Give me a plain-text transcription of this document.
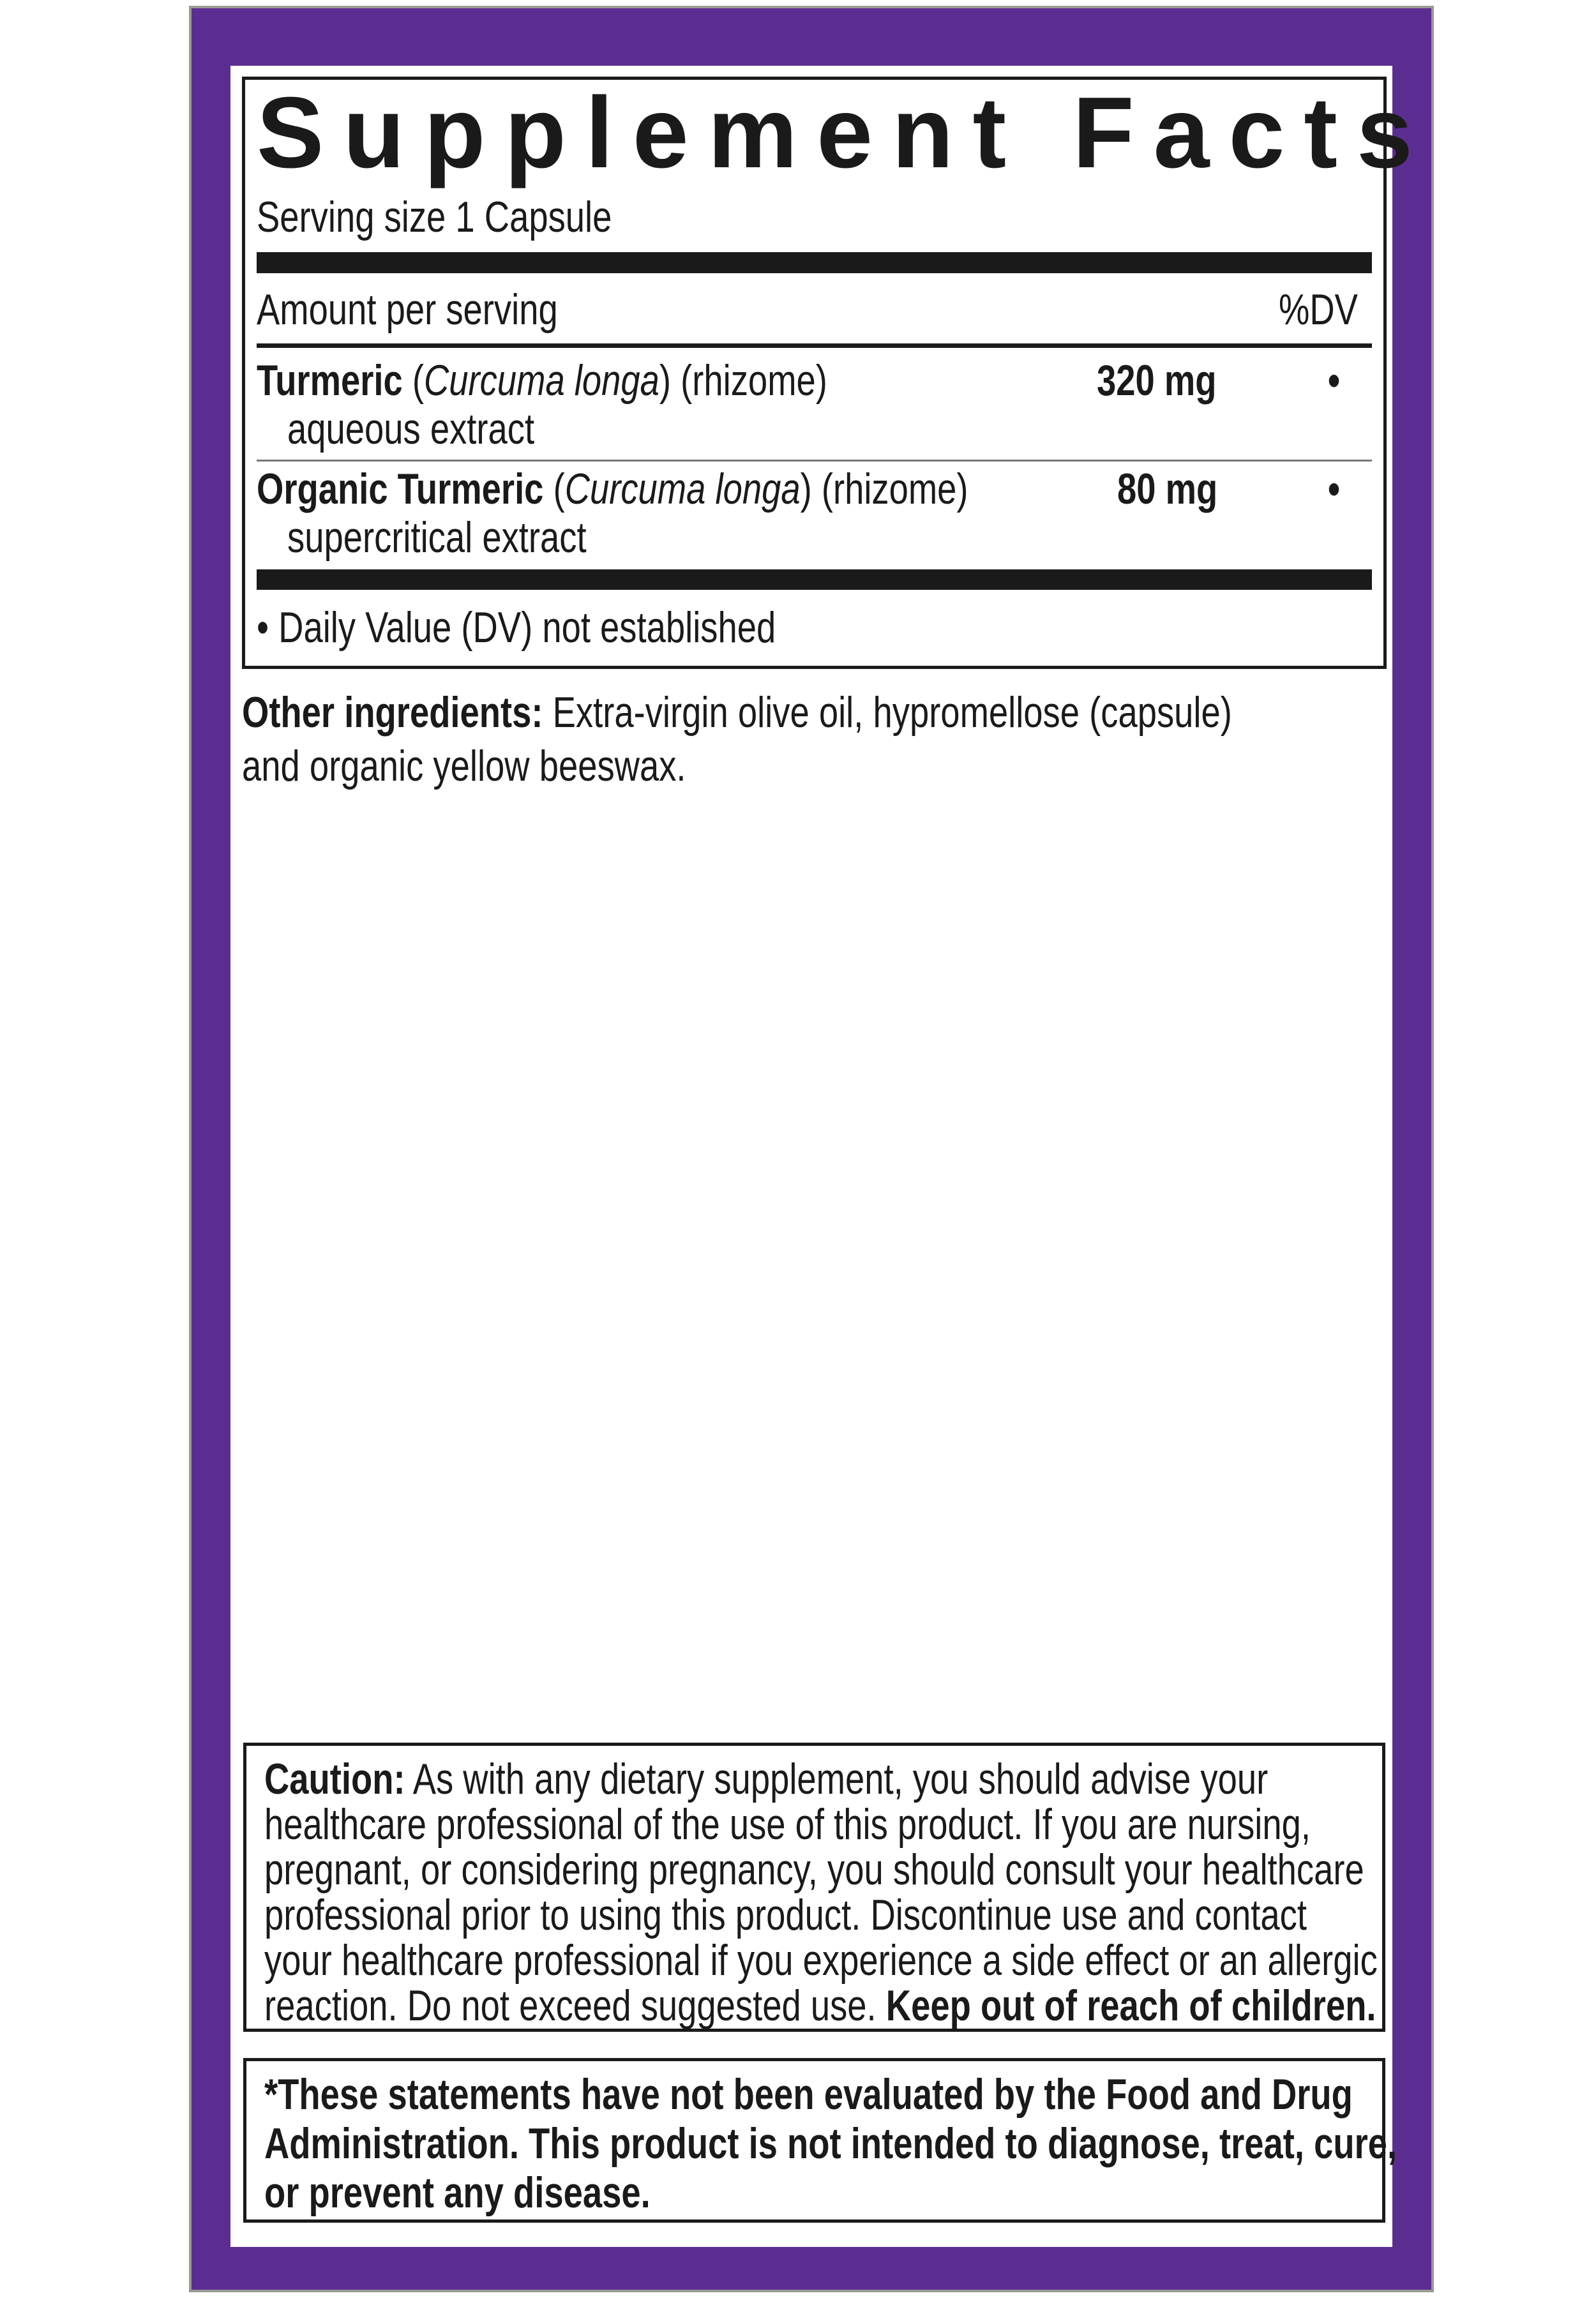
Supplement Facts
Serving size 1 Capsule
Amount per serving	%DV
Turmeric ( Curcuma longa ) (rhizome)
aqueous extract
320 mg	•
Organic Turmeric ( Curcuma longa ) (rhizome)
supercritical extract
80 mg	•
• Daily Value (DV) not established
Other ingredients: Extra-virgin olive oil, hypromellose (capsule)
and organic yellow beeswax.
Caution: As with any dietary supplement, you should advise your
healthcare professional of the use of this product. If you are nursing,
pregnant, or considering pregnancy, you should consult your healthcare
professional prior to using this product. Discontinue use and contact
your healthcare professional if you experience a side effect or an allergic
reaction. Do not exceed suggested use. Keep out of reach of children.
*These statements have not been evaluated by the Food and Drug
Administration. This product is not intended to diagnose, treat, cure,
or prevent any disease.
